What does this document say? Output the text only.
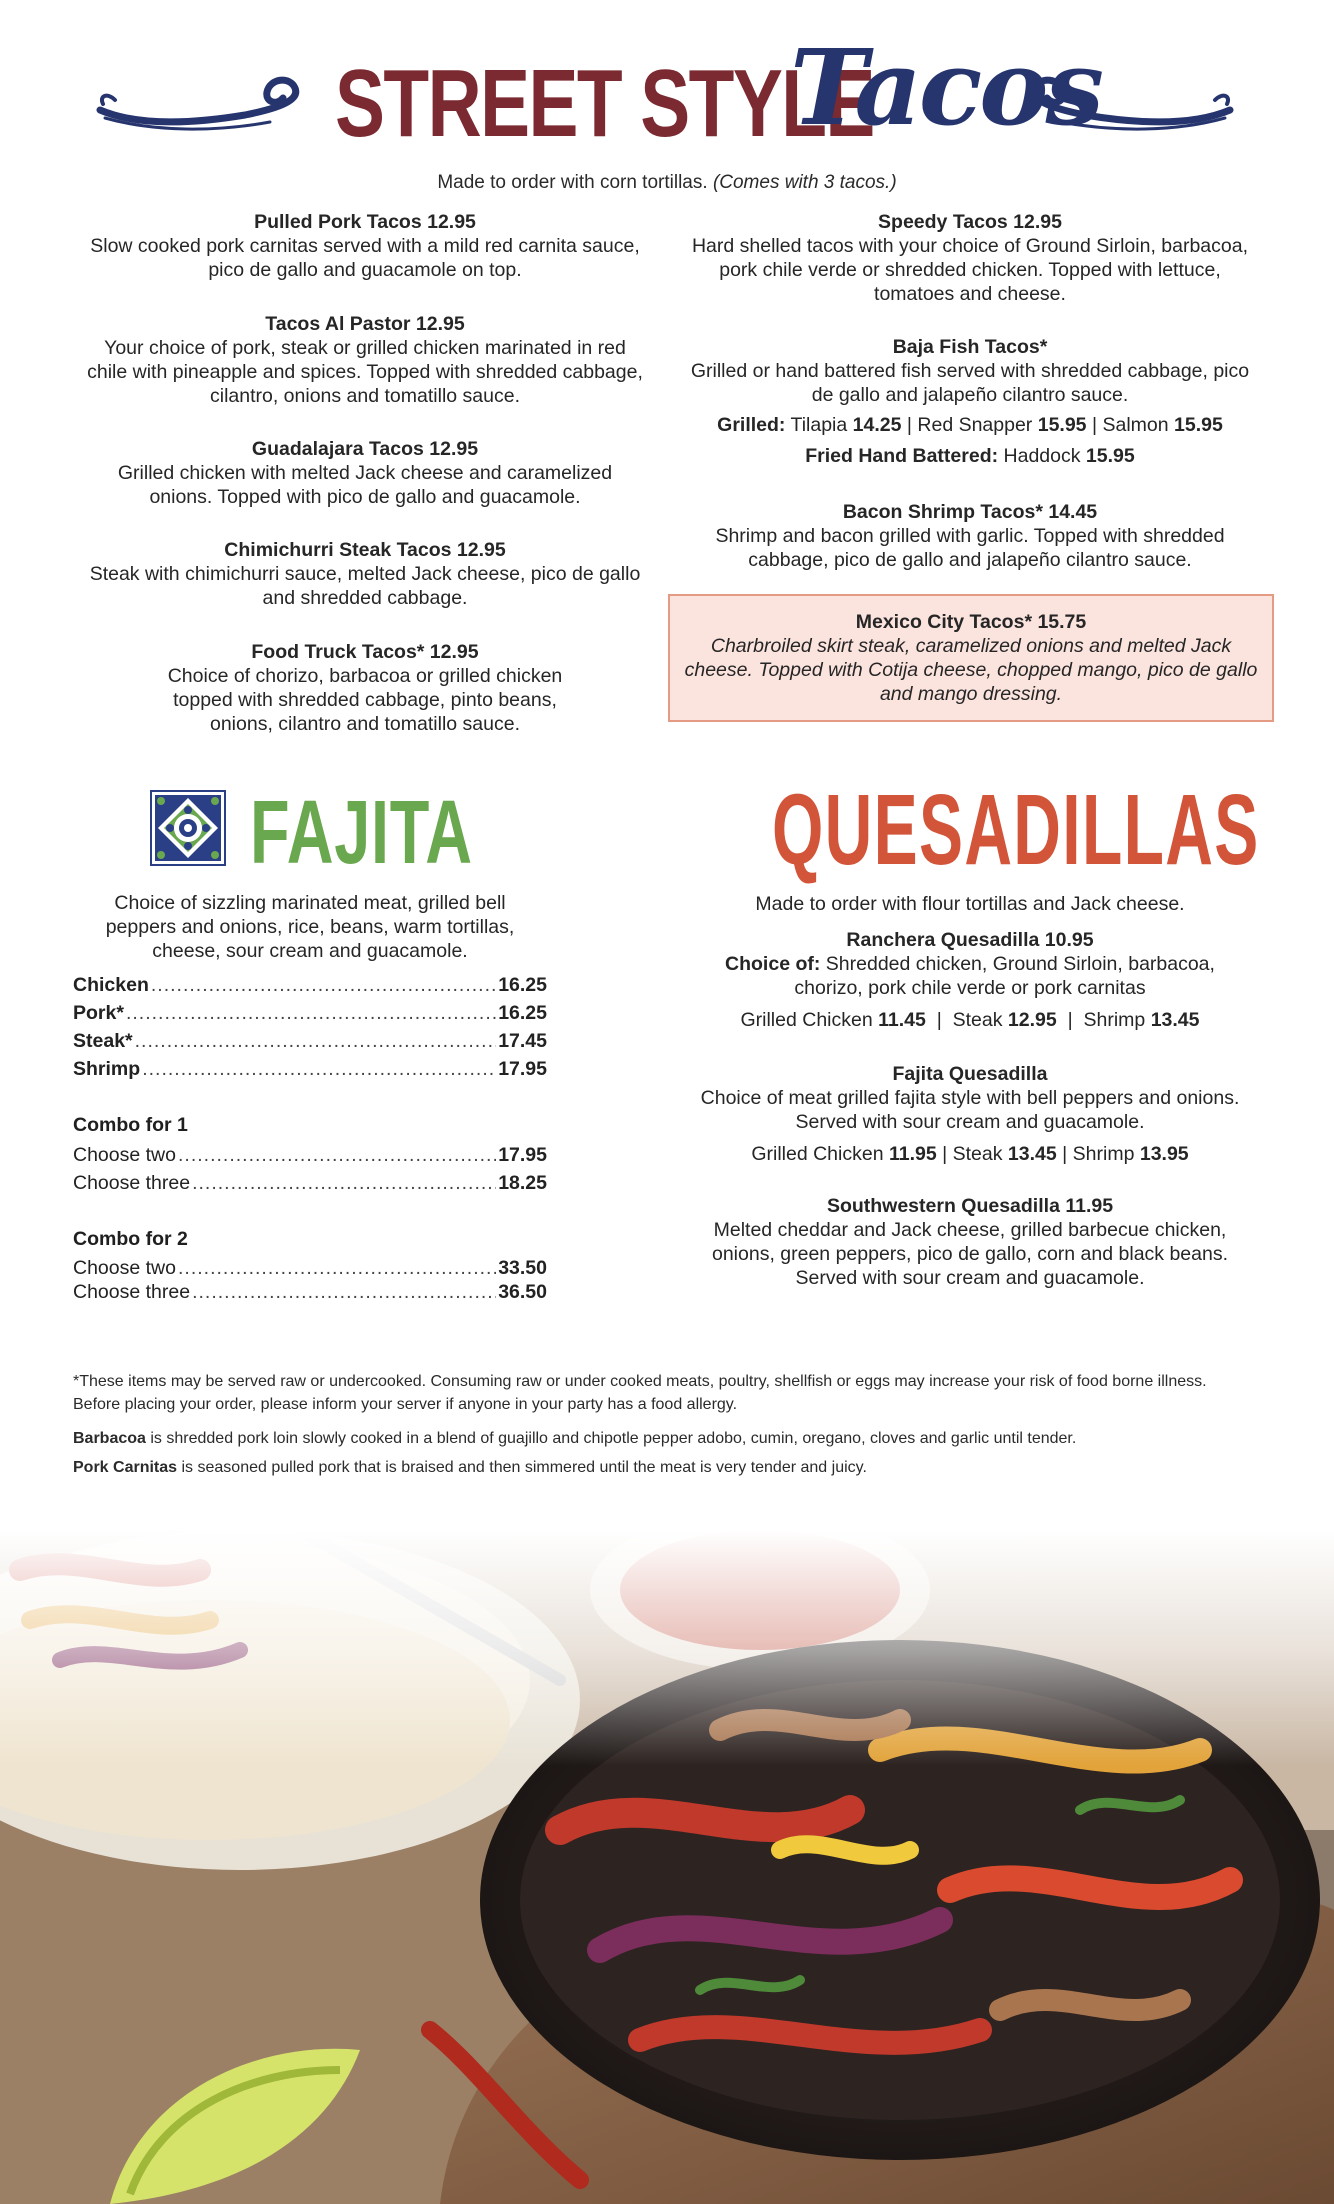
STREET STYLE
Tacos
Made to order with corn tortillas. (Comes with 3 tacos.)
Pulled Pork Tacos 12.95
Slow cooked pork carnitas served with a mild red carnita sauce, pico de gallo and guacamole on top.
Tacos Al Pastor 12.95
Your choice of pork, steak or grilled chicken marinated in red chile with pineapple and spices. Topped with shredded cabbage, cilantro, onions and tomatillo sauce.
Guadalajara Tacos 12.95
Grilled chicken with melted Jack cheese and caramelized onions. Topped with pico de gallo and guacamole.
Chimichurri Steak Tacos 12.95
Steak with chimichurri sauce, melted Jack cheese, pico de gallo and shredded cabbage.
Food Truck Tacos* 12.95
Choice of chorizo, barbacoa or grilled chicken topped with shredded cabbage, pinto beans, onions, cilantro and tomatillo sauce.
Speedy Tacos 12.95
Hard shelled tacos with your choice of Ground Sirloin, barbacoa, pork chile verde or shredded chicken. Topped with lettuce, tomatoes and cheese.
Baja Fish Tacos*
Grilled or hand battered fish served with shredded cabbage, pico de gallo and jalapeño cilantro sauce.
Grilled: Tilapia 14.25 | Red Snapper 15.95 | Salmon 15.95
Fried Hand Battered: Haddock 15.95
Bacon Shrimp Tacos* 14.45
Shrimp and bacon grilled with garlic. Topped with shredded cabbage, pico de gallo and jalapeño cilantro sauce.
Mexico City Tacos* 15.75
Charbroiled skirt steak, caramelized onions and melted Jack cheese. Topped with Cotija cheese, chopped mango, pico de gallo and mango dressing.
FAJITA
Choice of sizzling marinated meat, grilled bell peppers and onions, rice, beans, warm tortillas, cheese, sour cream and guacamole.
Chicken .....	16.25
Pork* .....	16.25
Steak* .....	17.45
Shrimp .....	17.95
Combo for 1
Choose two .....	17.95
Choose three .....	18.25
Combo for 2
Choose two .....	33.50
Choose three .....	36.50
QUESADILLAS
Made to order with flour tortillas and Jack cheese.
Ranchera Quesadilla 10.95
Choice of: Shredded chicken, Ground Sirloin, barbacoa, chorizo, pork chile verde or pork carnitas
Grilled Chicken 11.45 | Steak 12.95 | Shrimp 13.45
Fajita Quesadilla
Choice of meat grilled fajita style with bell peppers and onions. Served with sour cream and guacamole.
Grilled Chicken 11.95 | Steak 13.45 | Shrimp 13.95
Southwestern Quesadilla 11.95
Melted cheddar and Jack cheese, grilled barbecue chicken, onions, green peppers, pico de gallo, corn and black beans. Served with sour cream and guacamole.
*These items may be served raw or undercooked. Consuming raw or under cooked meats, poultry, shellfish or eggs may increase your risk of food borne illness. Before placing your order, please inform your server if anyone in your party has a food allergy.
Barbacoa is shredded pork loin slowly cooked in a blend of guajillo and chipotle pepper adobo, cumin, oregano, cloves and garlic until tender.
Pork Carnitas is seasoned pulled pork that is braised and then simmered until the meat is very tender and juicy.
